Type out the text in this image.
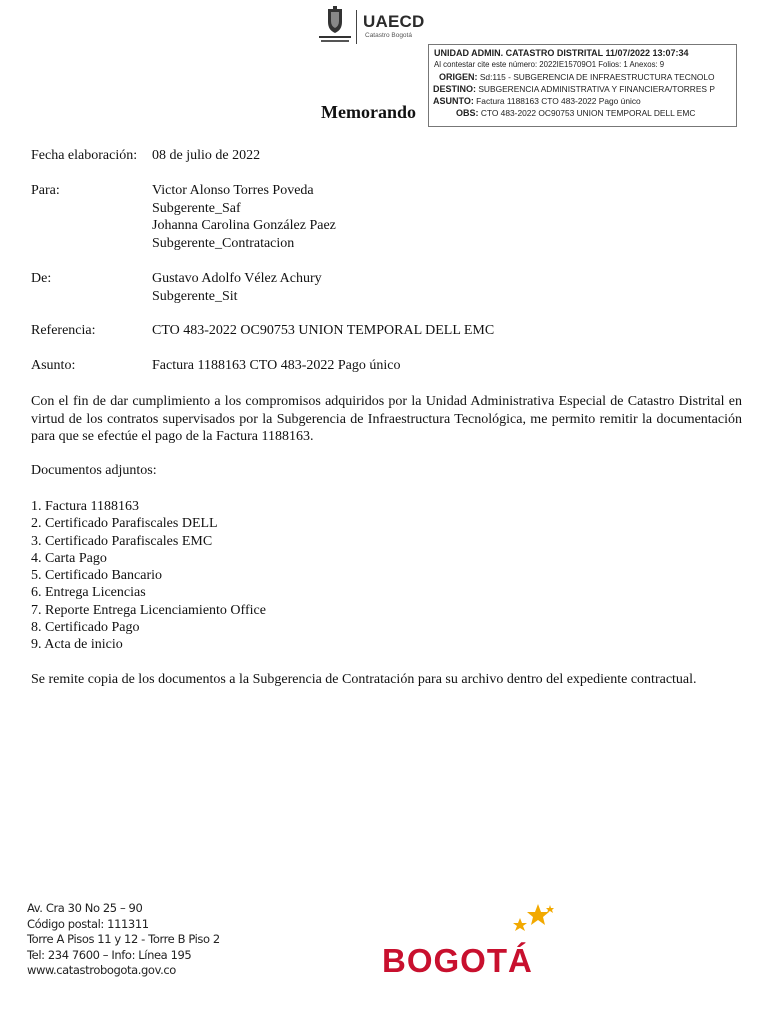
UAECD
Catastro Bogotá
UNIDAD ADMIN. CATASTRO DISTRITAL 11/07/2022 13:07:34
Al contestar cite este número: 2022IE15709O1 Folios: 1 Anexos: 9
ORIGEN: Sd:115 - SUBGERENCIA DE INFRAESTRUCTURA TECNOLO
DESTINO: SUBGERENCIA ADMINISTRATIVA Y FINANCIERA/TORRES P
ASUNTO: Factura 1188163 CTO 483-2022 Pago único
OBS: CTO 483-2022 OC90753 UNION TEMPORAL DELL EMC
Memorando
Fecha elaboración: 08 de julio de 2022
Para:	Victor Alonso Torres Poveda
Subgerente_Saf
Johanna Carolina González Paez
Subgerente_Contratacion
De:	Gustavo Adolfo Vélez Achury
Subgerente_Sit
Referencia:	CTO 483-2022 OC90753 UNION TEMPORAL DELL EMC
Asunto:	Factura 1188163 CTO 483-2022 Pago único
Con el fin de dar cumplimiento a los compromisos adquiridos por la Unidad Administrativa Especial de Catastro Distrital en virtud de los contratos supervisados por la Subgerencia de Infraestructura Tecnológica, me permito remitir la documentación para que se efectúe el pago de la Factura 1188163.
Documentos adjuntos:
1. Factura 1188163
2. Certificado Parafiscales DELL
3. Certificado Parafiscales EMC
4. Carta Pago
5. Certificado Bancario
6. Entrega Licencias
7. Reporte Entrega Licenciamiento Office
8. Certificado Pago
9. Acta de inicio
Se remite copia de los documentos a la Subgerencia de Contratación para su archivo dentro del expediente contractual.
Av. Cra 30 No 25 – 90
Código postal: 111311
Torre A Pisos 11 y 12 - Torre B Piso 2
Tel: 234 7600 – Info: Línea 195
www.catastrobogota.gov.co	BOGOTÁ
